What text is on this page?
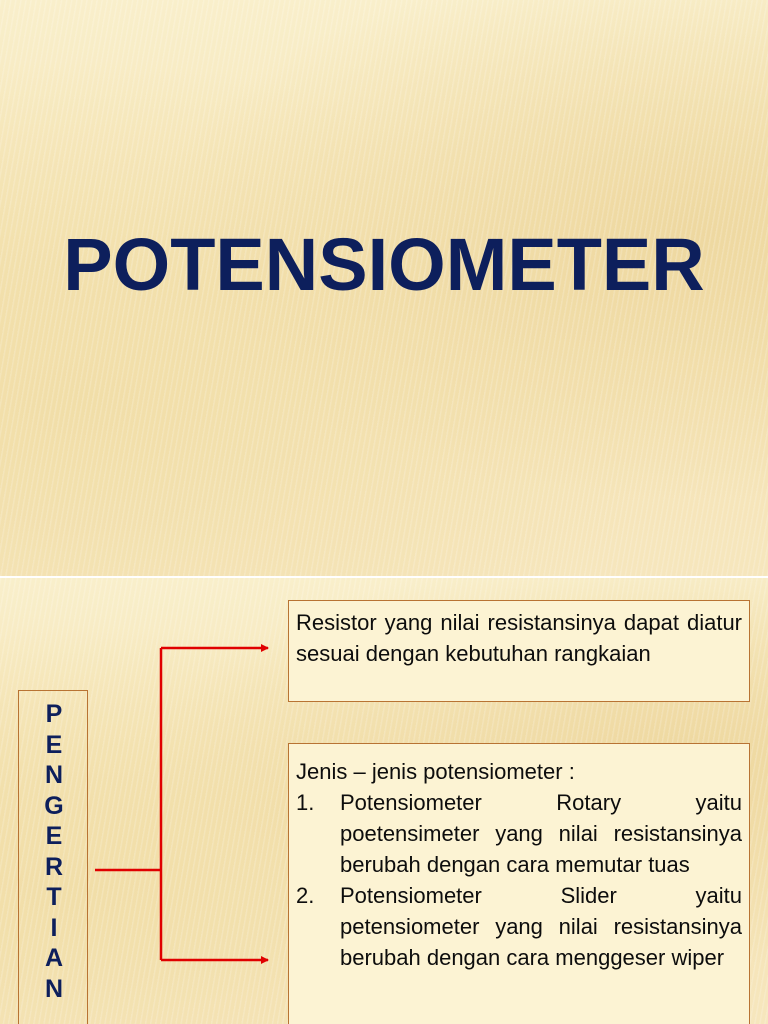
POTENSIOMETER
PENGERTIAN
Resistor yang nilai resistansinya dapat diatur sesuai dengan kebutuhan rangkaian
Jenis – jenis potensiometer :
1. Potensiometer Rotary yaitu poetensimeter yang nilai resistansinya berubah dengan cara memutar tuas
2. Potensiometer Slider yaitu petensiometer yang nilai resistansinya berubah dengan cara menggeser wiper
